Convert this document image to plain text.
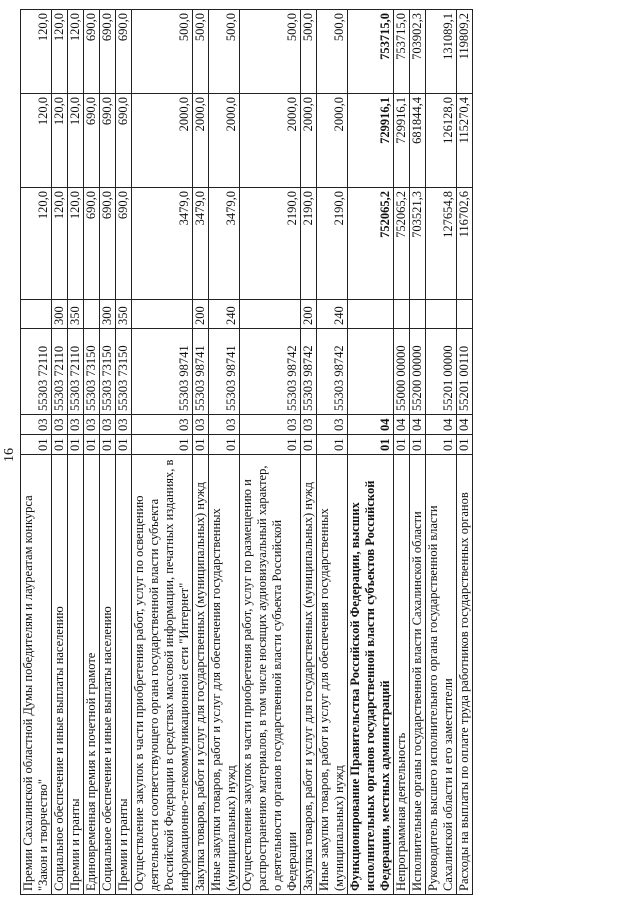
16
Премии Сахалинской областной Думы победителям и лауреатам конкурса "Закон и творчество"	01	03	55303 72110		120,0	120,0	120,0
Социальное обеспечение и иные выплаты населению	01	03	55303 72110	300	120,0	120,0	120,0
Премии и гранты	01	03	55303 72110	350	120,0	120,0	120,0
Единовременная премия к почетной грамоте	01	03	55303 73150		690,0	690,0	690,0
Социальное обеспечение и иные выплаты населению	01	03	55303 73150	300	690,0	690,0	690,0
Премии и гранты	01	03	55303 73150	350	690,0	690,0	690,0
Осуществление закупок в части приобретения работ, услуг по освещению деятельности соответствующего органа государственной власти субъекта Российской Федерации в средствах массовой информации, печатных изданиях, в информационно-телекоммуникационной сети "Интернет"	01	03	55303 98741		3479,0	2000,0	500,0
Закупка товаров, работ и услуг для государственных (муниципальных) нужд	01	03	55303 98741	200	3479,0	2000,0	500,0
Иные закупки товаров, работ и услуг для обеспечения государственных (муниципальных) нужд	01	03	55303 98741	240	3479,0	2000,0	500,0
Осуществление закупок в части приобретения работ, услуг по размещению и распространению материалов, в том числе носящих аудиовизуальный характер, о деятельности органов государственной власти субъекта Российской Федерации	01	03	55303 98742		2190,0	2000,0	500,0
Закупка товаров, работ и услуг для государственных (муниципальных) нужд	01	03	55303 98742	200	2190,0	2000,0	500,0
Иные закупки товаров, работ и услуг для обеспечения государственных (муниципальных) нужд	01	03	55303 98742	240	2190,0	2000,0	500,0
Функционирование Правительства Российской Федерации, высших исполнительных органов государственной власти субъектов Российской Федерации, местных администраций	01	04			752065,2	729916,1	753715,0
Непрограммная деятельность	01	04	55000 00000		752065,2	729916,1	753715,0
Исполнительные органы государственной власти Сахалинской области	01	04	55200 00000		703521,3	681844,4	703902,3
Руководитель высшего исполнительного органа государственной власти Сахалинской области и его заместители	01	04	55201 00000		127654,8	126128,0	131089,1
Расходы на выплаты по оплате труда работников государственных органов	01	04	55201 00110		116702,6	115270,4	119809,2
